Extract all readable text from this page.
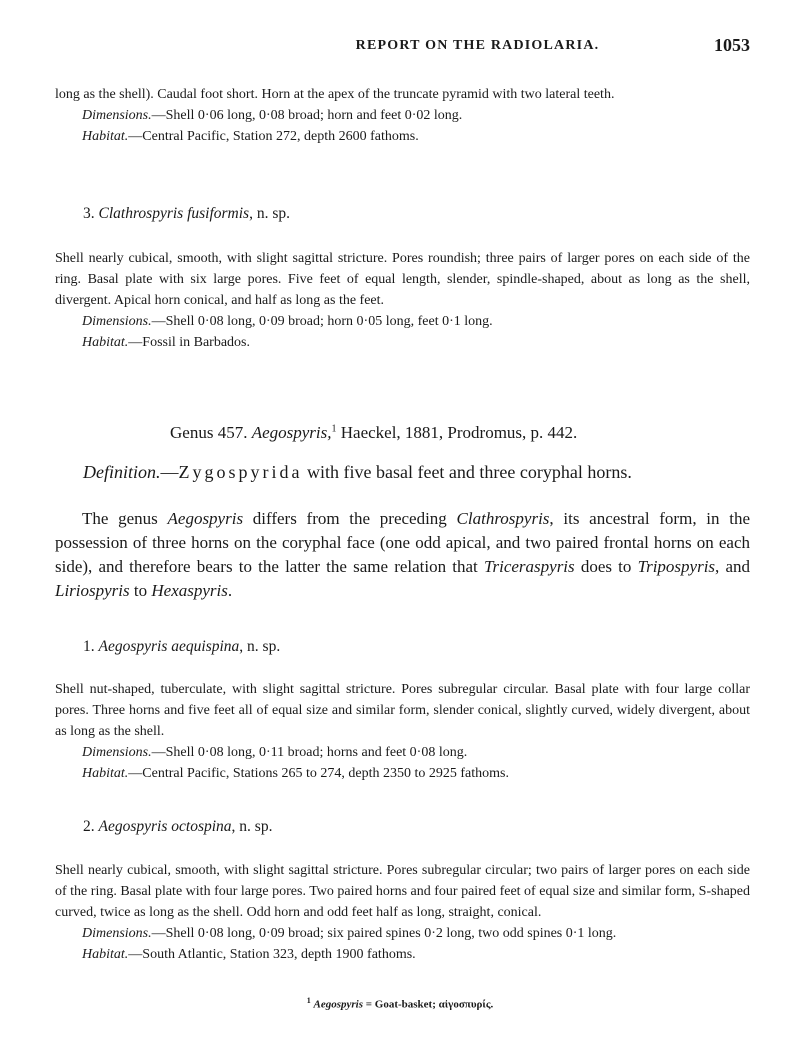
REPORT ON THE RADIOLARIA.	1053

long as the shell). Caudal foot short. Horn at the apex of the truncate pyramid with two lateral teeth.

Dimensions.—Shell 0·06 long, 0·08 broad; horn and feet 0·02 long.

Habitat.—Central Pacific, Station 272, depth 2600 fathoms.

3. Clathrospyris fusiformis, n. sp.

Shell nearly cubical, smooth, with slight sagittal stricture. Pores roundish; three pairs of larger pores on each side of the ring. Basal plate with six large pores. Five feet of equal length, slender, spindle-shaped, about as long as the shell, divergent. Apical horn conical, and half as long as the feet.

Dimensions.—Shell 0·08 long, 0·09 broad; horn 0·05 long, feet 0·1 long.

Habitat.—Fossil in Barbados.

Genus 457. Aegospyris,$^1$ Haeckel, 1881, Prodromus, p. 442.
Definition.—Zygospyrida with five basal feet and three coryphal horns.

The genus Aegospyris differs from the preceding Clathrospyris, its ancestral form, in the possession of three horns on the coryphal face (one odd apical, and two paired frontal horns on each side), and therefore bears to the latter the same relation that Triceraspyris does to Tripospyris, and Liriospyris to Hexaspyris.

1. Aegospyris aequispina, n. sp.

Shell nut-shaped, tuberculate, with slight sagittal stricture. Pores subregular circular. Basal plate with four large collar pores. Three horns and five feet all of equal size and similar form, slender conical, slightly curved, widely divergent, about as long as the shell.

Dimensions.—Shell 0·08 long, 0·11 broad; horns and feet 0·08 long.

Habitat.—Central Pacific, Stations 265 to 274, depth 2350 to 2925 fathoms.

2. Aegospyris octospina, n. sp.

Shell nearly cubical, smooth, with slight sagittal stricture. Pores subregular circular; two pairs of larger pores on each side of the ring. Basal plate with four large pores. Two paired horns and four paired feet of equal size and similar form, S-shaped curved, twice as long as the shell. Odd horn and odd feet half as long, straight, conical.

Dimensions.—Shell 0·08 long, 0·09 broad; six paired spines 0·2 long, two odd spines 0·1 long.

Habitat.—South Atlantic, Station 323, depth 1900 fathoms.

$^1$ Aegospyris = Goat-basket; αἰγοσπυρίς.
